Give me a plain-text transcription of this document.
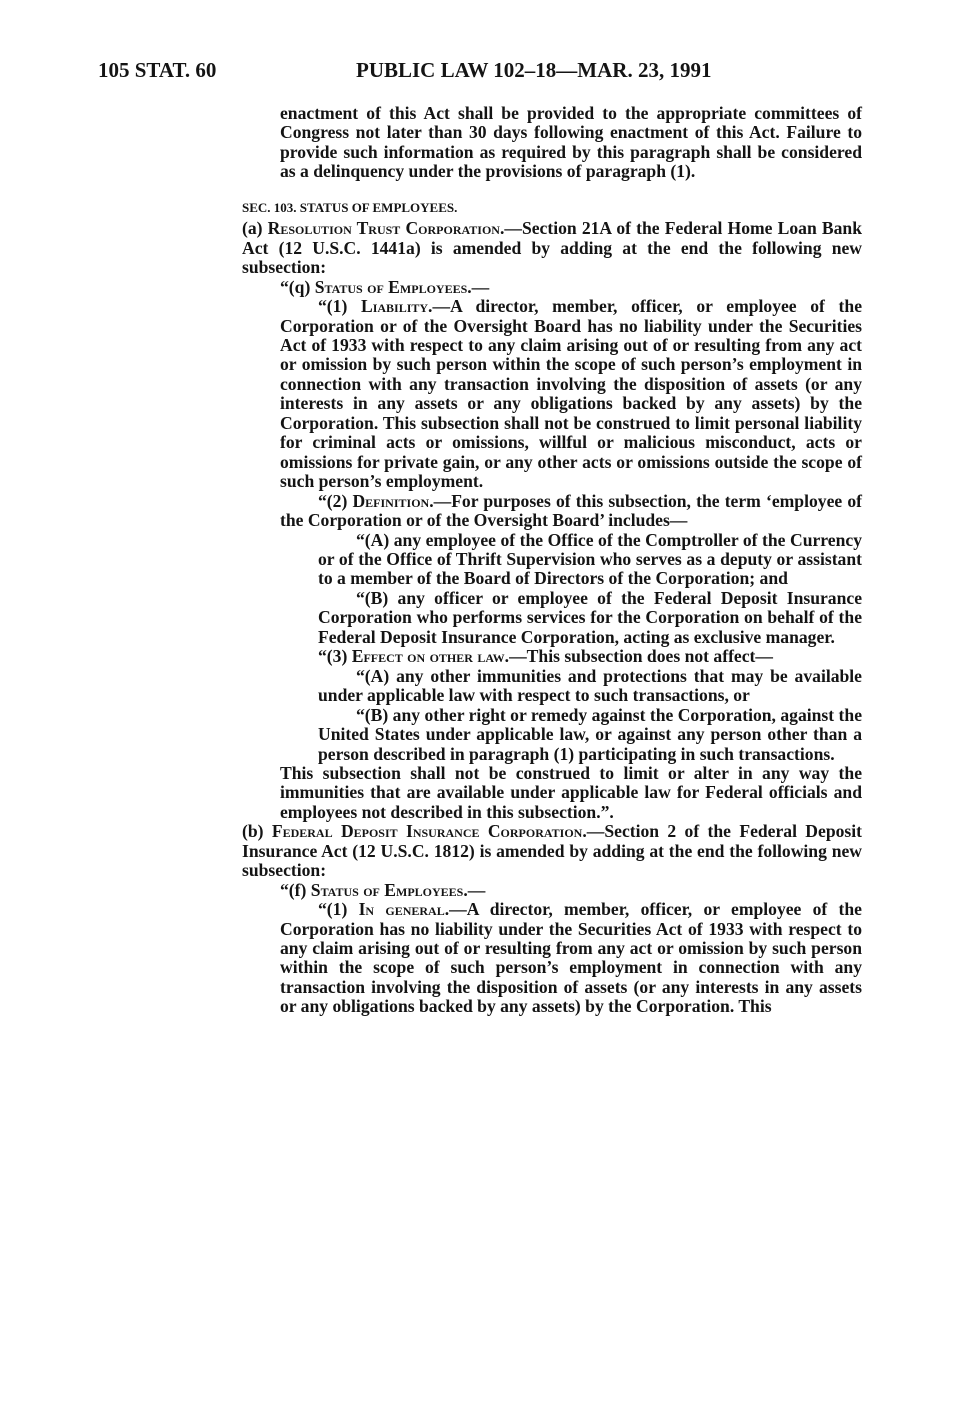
105 STAT. 60	PUBLIC LAW 102–18—MAR. 23, 1991

enactment of this Act shall be provided to the appropriate committees of Congress not later than 30 days following enactment of this Act. Failure to provide such information as required by this paragraph shall be considered as a delinquency under the provisions of paragraph (1).

SEC. 103. STATUS OF EMPLOYEES.

(a) Resolution Trust Corporation.—Section 21A of the Federal Home Loan Bank Act (12 U.S.C. 1441a) is amended by adding at the end the following new subsection:

“(q) Status of Employees.—

“(1) Liability.—A director, member, officer, or employee of the Corporation or of the Oversight Board has no liability under the Securities Act of 1933 with respect to any claim arising out of or resulting from any act or omission by such person within the scope of such person’s employment in connection with any transaction involving the disposition of assets (or any interests in any assets or any obligations backed by any assets) by the Corporation. This subsection shall not be construed to limit personal liability for criminal acts or omissions, willful or malicious misconduct, acts or omissions for private gain, or any other acts or omissions outside the scope of such person’s employment.

“(2) Definition.—For purposes of this subsection, the term ‘employee of the Corporation or of the Oversight Board’ includes—

“(A) any employee of the Office of the Comptroller of the Currency or of the Office of Thrift Supervision who serves as a deputy or assistant to a member of the Board of Directors of the Corporation; and

“(B) any officer or employee of the Federal Deposit Insurance Corporation who performs services for the Corporation on behalf of the Federal Deposit Insurance Corporation, acting as exclusive manager.

“(3) Effect on other law.—This subsection does not affect—

“(A) any other immunities and protections that may be available under applicable law with respect to such transactions, or

“(B) any other right or remedy against the Corporation, against the United States under applicable law, or against any person other than a person described in paragraph (1) participating in such transactions.

This subsection shall not be construed to limit or alter in any way the immunities that are available under applicable law for Federal officials and employees not described in this subsection.”.

(b) Federal Deposit Insurance Corporation.—Section 2 of the Federal Deposit Insurance Act (12 U.S.C. 1812) is amended by adding at the end the following new subsection:

“(f) Status of Employees.—

“(1) In general.—A director, member, officer, or employee of the Corporation has no liability under the Securities Act of 1933 with respect to any claim arising out of or resulting from any act or omission by such person within the scope of such person’s employment in connection with any transaction involving the disposition of assets (or any interests in any assets or any obligations backed by any assets) by the Corporation. This
